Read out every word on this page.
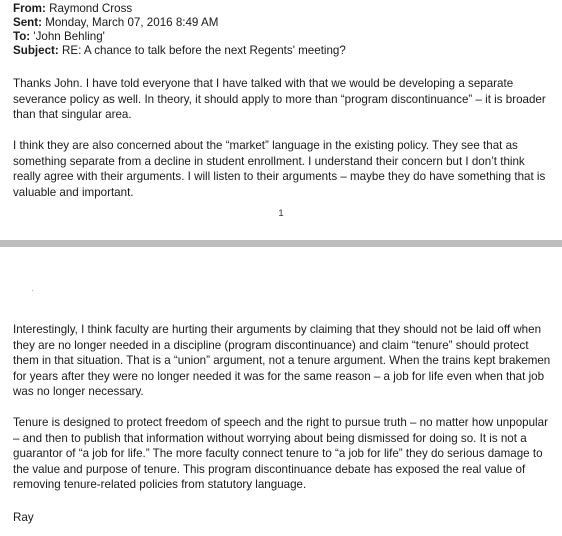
From: Raymond Cross
Sent: Monday, March 07, 2016 8:49 AM
To: 'John Behling'
Subject: RE: A chance to talk before the next Regents' meeting?

Thanks John. I have told everyone that I have talked with that we would be developing a separate severance policy as well. In theory, it should apply to more than “program discontinuance” – it is broader than that singular area.

I think they are also concerned about the “market” language in the existing policy. They see that as something separate from a decline in student enrollment. I understand their concern but I don’t think really agree with their arguments. I will listen to their arguments – maybe they do have something that is valuable and important.

1

Interestingly, I think faculty are hurting their arguments by claiming that they should not be laid off when they are no longer needed in a discipline (program discontinuance) and claim “tenure” should protect them in that situation. That is a “union” argument, not a tenure argument. When the trains kept brakemen for years after they were no longer needed it was for the same reason – a job for life even when that job was no longer necessary.

Tenure is designed to protect freedom of speech and the right to pursue truth – no matter how unpopular – and then to publish that information without worrying about being dismissed for doing so. It is not a guarantor of “a job for life.” The more faculty connect tenure to “a job for life” they do serious damage to the value and purpose of tenure. This program discontinuance debate has exposed the real value of removing tenure-related policies from statutory language.

Ray
